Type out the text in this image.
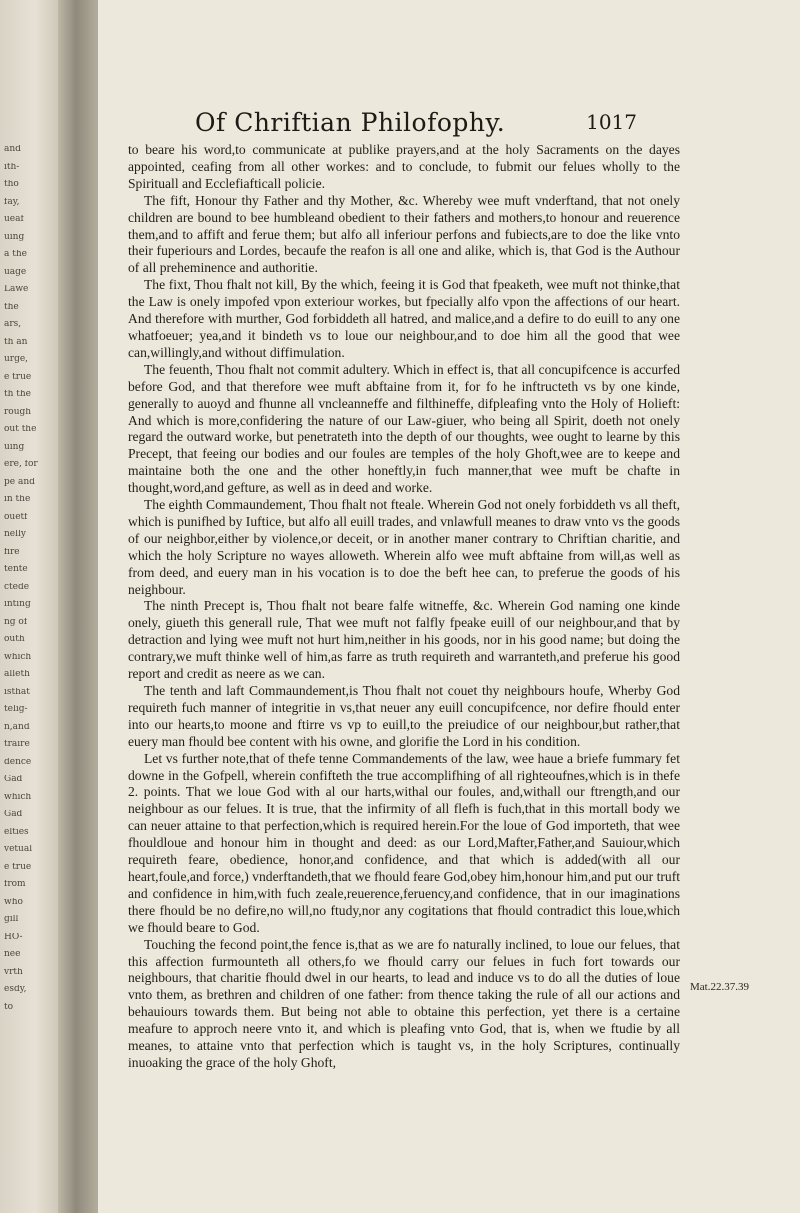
and
ith-
tho
fay,
ueaf
uing
a the
uage
Lawe
the
ars,
th an
urge,
e true
th the
rough
out the
uing
ere, for
pe and
in the
ouetf
nelly
fire
tente
ctede
inting
ng of
outh
which
alleth
isthat
telig-
n,and
traire
dence
Gad
which
Gad
elties
vetual
e true
from
who
gill
HO-
nee
vrth
esdy,
to
Of Chriftian Philofophy.	1017

to beare his word,to communicate at publike prayers,and at the holy Sacraments on the dayes appointed, ceafing from all other workes: and to conclude, to fubmit our felues wholly to the Spirituall and Ecclefiafticall policie.

The fift, Honour thy Father and thy Mother, &c. Whereby wee muft vnderftand, that not onely children are bound to bee humbleand obedient to their fathers and mothers,to honour and reuerence them,and to affift and ferue them; but alfo all inferiour perfons and fubiects,are to doe the like vnto their fuperiours and Lordes, becaufe the reafon is all one and alike, which is, that God is the Authour of all preheminence and authoritie.

The fixt, Thou fhalt not kill, By the which, feeing it is God that fpeaketh, wee muft not thinke,that the Law is onely impofed vpon exteriour workes, but fpecially alfo vpon the affections of our heart. And therefore with murther, God forbiddeth all hatred, and malice,and a defire to do euill to any one whatfoeuer; yea,and it bindeth vs to loue our neighbour,and to doe him all the good that wee can,willingly,and without diffimulation.

The feuenth, Thou fhalt not commit adultery. Which in effect is, that all concupifcence is accurfed before God, and that therefore wee muft abftaine from it, for fo he inftructeth vs by one kinde, generally to auoyd and fhunne all vncleanneffe and filthineffe, difpleafing vnto the Holy of Holieft: And which is more,confidering the nature of our Law-giuer, who being all Spirit, doeth not onely regard the outward worke, but penetrateth into the depth of our thoughts, wee ought to learne by this Precept, that feeing our bodies and our foules are temples of the holy Ghoft,wee are to keepe and maintaine both the one and the other honeftly,in fuch manner,that wee muft be chafte in thought,word,and gefture, as well as in deed and worke.

The eighth Commaundement, Thou fhalt not fteale. Wherein God not onely forbiddeth vs all theft, which is punifhed by Iuftice, but alfo all euill trades, and vnlawfull meanes to draw vnto vs the goods of our neighbor,either by violence,or deceit, or in another maner contrary to Chriftian charitie, and which the holy Scripture no wayes alloweth. Wherein alfo wee muft abftaine from will,as well as from deed, and euery man in his vocation is to doe the beft hee can, to preferue the goods of his neighbour.

The ninth Precept is, Thou fhalt not beare falfe witneffe, &c. Wherein God naming one kinde onely, giueth this generall rule, That wee muft not falfly fpeake euill of our neighbour,and that by detraction and lying wee muft not hurt him,neither in his goods, nor in his good name; but doing the contrary,we muft thinke well of him,as farre as truth requireth and warranteth,and preferue his good report and credit as neere as we can.

The tenth and laft Commaundement,is Thou fhalt not couet thy neighbours houfe, Wherby God requireth fuch manner of integritie in vs,that neuer any euill concupifcence, nor defire fhould enter into our hearts,to moone and ftirre vs vp to euill,to the preiudice of our neighbour,but rather,that euery man fhould bee content with his owne, and glorifie the Lord in his condition.

Let vs further note,that of thefe tenne Commandements of the law, wee haue a briefe fummary fet downe in the Gofpell, wherein confifteth the true accomplifhing of all righteoufnes,which is in thefe 2. points. That we loue God with al our harts,withal our foules, and,withall our ftrength,and our neighbour as our felues. It is true, that the infirmity of all flefh is fuch,that in this mortall body we can neuer attaine to that perfection,which is required herein.For the loue of God importeth, that wee fhouldloue and honour him in thought and deed: as our Lord,Mafter,Father,and Sauiour,which requireth feare, obedience, honor,and confidence, and that which is added(with all our heart,foule,and force,) vnderftandeth,that we fhould feare God,obey him,honour him,and put our truft and confidence in him,with fuch zeale,reuerence,feruency,and confidence, that in our imaginations there fhould be no defire,no will,no ftudy,nor any cogitations that fhould contradict this loue,which we fhould beare to God.

Touching the fecond point,the fence is,that as we are fo naturally inclined, to loue our felues, that this affection furmounteth all others,fo we fhould carry our felues in fuch fort towards our neighbours, that charitie fhould dwel in our hearts, to lead and induce vs to do all the duties of loue vnto them, as brethren and children of one father: from thence taking the rule of all our actions and behauiours towards them. But being not able to obtaine this perfection, yet there is a certaine meafure to approch neere vnto it, and which is pleafing vnto God, that is, when we ftudie by all meanes, to attaine vnto that perfection which is taught vs, in the holy Scriptures, continually inuoaking the grace of the holy Ghoft,

Mat.22.37.39
